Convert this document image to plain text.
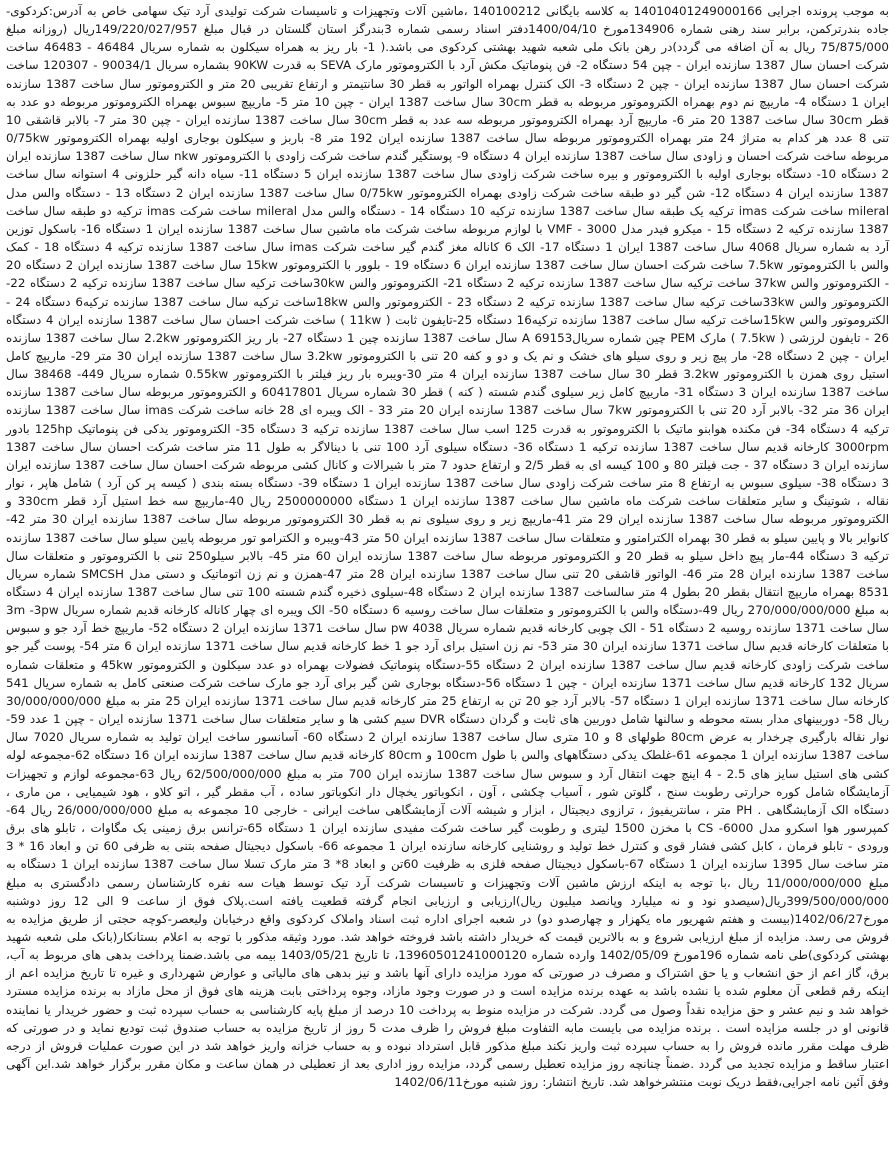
به موجب پرونده اجرایی 14010401249000166 به کلاسه بایگانی 140100212 ،ماشین آلات وتجهیزات و تاسیسات شرکت تولیدی آرد تیک سهامی خاص به آدرس:کردکوی-جاده بندرترکمن، برابر سند رهنی شماره 134906مورخ 1400/04/10دفتر اسناد رسمی شماره 3بندرگز استان گلستان در قبال مبلغ 149/220/027/957ریال (روزانه مبلغ 75/875/000 ریال به آن اضافه می گردد)در رهن بانک ملی شعبه شهید بهشتی کردکوی می باشد.( 1- بار ریز به همراه سیکلون به شماره سریال 46484 - 46483 ساخت شرکت احسان سال 1387 سازنده ایران - چپن 54 دستگاه 2- فن پنوماتیک مکش آرد با الکتروموتور مارک SEVA به قدرت 90KW بشماره سریال 90034/1 - 120307 ساخت شرکت احسان سال 1387 سازنده ایران - چپن 2 دستگاه 3- الک کنترل بهمراه الواتور به قطر 30 سانتیمتر و ارتفاع تقریبی 20 متر و الکتروموتور سال ساخت 1387 سازنده ایران 1 دستگاه 4- ماریپچ نم دوم بهمراه الکتروموتور مربوطه به قطر 30cm سال ساخت 1387 ایران - چپن 10 متر 5- ماریپچ سبوس بهمراه الکتروموتور مربوطه دو عدد به قطر 30cm سال ساخت 1387 20 متر 6- ماریپچ آرد بهمراه الکتروموتور مربوطه سه عدد به قطر 30cm سال ساخت 1387 سازنده ایران - چپن 30 متر 7- بالابر قاشقی 10 تنی 8 عدد هر کدام به متراژ 24 متر بهمراه الکتروموتور مربوطه سال ساخت 1387 سازنده ایران 192 متر 8- باربز و سیکلون بوجاری اولیه بهمراه الکتروموتور 0/75kw مربوطه ساخت شرکت احسان و زاودی سال ساخت 1387 سازنده ایران 4 دستگاه 9- پوستگیر گندم ساخت شرکت زاودی با الکتروموتور nkw سال ساخت 1387 سازنده ایران 2 دستگاه 10- دستگاه بوجاری اولیه با الکتروموتور و بیره ساخت شرکت زاودی سال ساخت 1387 سازنده ایران 5 دستگاه 11- سیاه دانه گیر حلزونی 4 استوانه سال ساخت 1387 سازنده ایران 4 دستگاه 12- شن گیر دو طبقه ساخت شرکت زاودی بهمراه الکتروموتور 0/75kw سال ساخت 1387 سازنده ایران 2 دستگاه 13 - دستگاه والس مدل mileral ساخت شرکت imas ترکیه یک طبقه سال ساخت 1387 سازنده ترکیه 10 دستگاه 14 - دستگاه والس مدل mileral ساخت شرکت imas ترکیه دو طبقه سال ساخت 1387 سازنده ترکیه 2 دستگاه 15 - میکرو فیدر مدل 3000 - VMF با لوازم مربوطه ساخت شرکت ماه ماشین سال ساخت 1387 سازنده ایران 1 دستگاه 16- باسکول توزین آرد به شماره سریال 4068 سال ساخت 1387 ایران 1 دستگاه 17- الک 6 کاناله مغز گندم گیر ساخت شرکت imas سال ساخت 1387 سازنده ترکیه 4 دستگاه 18 - کمک والس با الکتروموتور 7.5kw ساخت شرکت احسان سال ساخت 1387 سازنده ایران 6 دستگاه 19 - بلوور با الکتروموتور 15kw سال ساخت 1387 سازنده ایران 2 دستگاه 20 - الکتروموتور والس 37kw ساخت ترکیه سال ساخت 1387 سازنده ترکیه 2 دستگاه 21- الکتروموتور والس 30kwساخت ترکیه سال ساخت 1387 سازنده ترکیه 2 دستگاه 22- الکتروموتور والس 33kwساخت ترکیه سال ساخت 1387 سازنده ترکیه 2 دستگاه 23 - الکتروموتور والس 18kwساخت ترکیه سال ساخت 1387 سازنده ترکیه6 دستگاه 24 - الکتروموتور والس 15kwساخت ترکیه سال ساخت 1387 سازنده ترکیه16 دستگاه 25-تایفون ثابت ( 11kw ) ساخت شرکت احسان سال ساخت 1387 سازنده ایران 4 دستگاه 26 - تایفون لرزشی ( 7.5kw ) مارک PEM چین شماره سریال69153 A سال ساخت 1387 سازنده چین 1 دستگاه 27- بار ریز الکتروموتور 2.2kw سال ساخت 1387 سازنده ایران - چپن 2 دستگاه 28- مار پیچ زیر و روی سیلو های خشک و نم یک و دو و کفه 20 تنی با الکتروموتور 3.2kw سال ساخت 1387 سازنده ایران 30 متر 29- ماریپچ کامل استیل روی همزن با الکتروموتور 3.2kw قطر 30 سال ساخت 1387 سازنده ایران 4 متر 30-ویبره بار ریز فیلتر با الکتروموتور 0.55kw شماره سریال 449- 38468 سال ساخت 1387 سازنده ایران 3 دستگاه 31- ماریپچ کامل زیر سیلوی گندم شسته ( کنه ) قطر 30 شماره سریال 60417801 و الکتروموتور مربوطه سال ساخت 1387 سازنده ایران 36 متر 32- بالابر آرد 20 تنی با الکتروموتور 7kw سال ساخت 1387 سازنده ایران 20 متر 33 - الک ویبره ای 28 خانه ساخت شرکت imas سال ساخت 1387 سازنده ترکیه 4 دستگاه 34- فن مکنده هوابنو ماتیک با الکتروموتور به قدرت 125 اسب سال ساخت 1387 سازنده ترکیه 3 دستگاه 35- الکتروموتور یدکی فن پنوماتیک 125hp بادور 3000rpm کارخانه قدیم سال ساخت 1387 سازنده ترکیه 1 دستگاه 36- دستگاه سیلوی آرد 100 تنی با دینالاگر به طول 11 متر ساخت شرکت احسان سال ساخت 1387 سازنده ایران 3 دستگاه 37 - جت فیلتر 80 و 100 کیسه ای به قطر 2/5 و ارتفاع حدود 7 متر با شیرالات و کانال کشی مربوطه شرکت احسان سال ساخت 1387 سازنده ایران 3 دستگاه 38- سیلوی سبوس به ارتفاع 8 متر ساخت شرکت زاودی سال ساخت 1387 سازنده ایران 1 دستگاه 39- دستگاه بسته بندی ( کیسه پر کن آرد ) شامل هاپر ، نوار نقاله ، شوتینگ و سایر متعلقات ساخت شرکت ماه ماشین سال ساخت 1387 سازنده ایران 1 دستگاه 2500000000 ریال 40-ماریپچ سه خط استیل آرد قطر 330cm و الکتروموتور مربوطه سال ساخت 1387 سازنده ایران 29 متر 41-ماریپچ زیر و روی سیلوی نم به قطر 30 الکتروموتور مربوطه سال ساخت 1387 سازنده ایران 30 متر 42-کانوایر بالا و پایین سیلو به قطر 30 بهمراه الکترامتور و متعلقات سال ساخت 1387 سازنده ایران 50 متر 43-ویبره و الکترامو تور مربوطه پایین سیلو سال ساخت 1387 سازنده ترکیه 3 دستگاه 44-مار پیچ داخل سیلو به قطر 20 و الکتروموتور مربوطه سال ساخت 1387 سازنده ایران 60 متر 45- بالابر سیلو250 تنی با الکتروموتور و متعلقات سال ساخت 1387 سازنده ایران 28 متر 46- الواتور قاشقی 20 تنی سال ساخت 1387 سازنده ایران 28 متر 47-همزن و نم زن اتوماتیک و دستی مدل SMCSH شماره سریال 8531 بهمراه ماریپچ انتقال بقطر 20 بطول 4 متر سالساخت 1387 سازنده ایران 2 دستگاه 48-سیلوی ذخیره گندم شسته 100 تنی سال ساخت 1387 سازنده ایران 4 دستگاه به مبلغ 270/000/000/000 ریال 49-دستگاه والس با الکتروموتور و متعلقات سال ساخت روسیه 6 دستگاه 50- الک ویبره ای چهار کاناله کارخانه قدیم شماره سریال 3m -3pw سال ساخت 1371 سازنده روسیه 2 دستگاه 51 - الک چوبی کارخانه قدیم شماره سریال 4038 pw سال ساخت 1371 سازنده ایران 2 دستگاه 52- ماریپچ خط آرد جو و سبوس با متعلقات کارخانه قدیم سال ساخت 1371 سازنده ایران 30 متر 53- نم زن استیل برای آرد جو 1 خط کارخانه قدیم سال ساخت 1371 سازنده ایران 6 متر 54- پوست گیر جو ساخت شرکت زاودی کارخانه قدیم سال ساخت 1387 سازنده ایران 2 دستگاه 55-دستگاه پنوماتیک فضولات بهمراه دو عدد سیکلون و الکتروموتور 45kw و متعلقات شماره سریال 132 کارخانه قدیم سال ساخت 1371 سازنده ایران - چپن 1 دستگاه 56-دستگاه بوجاری شن گیر برای آرد جو مارک ساخت شرکت صنعتی کامل به شماره سریال 541 کارخانه سال ساخت 1371 سازنده ایران 1 دستگاه 57- بالابر آرد جو 20 تن به ارتفاع 25 متر کارخانه قدیم سال ساخت 1371 سازنده ایران 25 متر به مبلغ 30/000/000/000 ریال 58- دوربینهای مدار بسته محوطه و سالنها شامل دوربین های ثابت و گردان دستگاه DVR سیم کشی ها و سایر متعلقات سال ساخت 1371 سازنده ایران - چپن 1 عدد 59-نوار نقاله بارگیری چرخدار به عرض 80cm طولهای 8 و 10 متری سال ساخت 1387 سازنده ایران 2 دستگاه 60- آسانسور ساخت ایران تولید به شماره سریال 7020 سال ساخت 1387 سازنده ایران 1 مجموعه 61-غلطک یدکی دستگاههای والس با طول 100cm و 80cm کارخانه قدیم سال ساخت 1387 سازنده ایران 16 دستگاه 62-مجموعه لوله کشی های استیل سایز های 2.5 - 4 اینچ جهت انتقال آرد و سبوس سال ساخت 1387 سازنده ایران 700 متر به مبلغ 62/500/000/000 ریال 63-مجموعه لوازم و تجهیزات آزمایشگاه شامل کوره حرارتی رطوبت سنج ، گلوتن شور ، آسیاب چکشی ، آون ، انکوباتور یخچال دار انکوباتور ساده ، آب مقطر گیر ، اتو کلاو ، هود شیمیایی ، من ماری ، دستگاه الک آزمایشگاهی . PH متر ، سانتریفیوژ ، ترازوی دیجیتال ، ابزار و شیشه آلات آزمایشگاهی ساخت ایرانی - خارجی 10 مجموعه به مبلغ 26/000/000/000 ریال 64-کمپرسور هوا اسکرو مدل CS -6000 با مخزن 1500 لیتری و رطوبت گیر ساخت شرکت مفیدی سازنده ایران 1 دستگاه 65-ترانس برق زمینی یک مگاوات ، تابلو های برق ورودی - تابلو فرمان ، کابل کشی فشار قوی و کنترل خط تولید و روشنایی کارخانه سازنده ایران 1 مجموعه 66- باسکول دیجیتال صفحه بتنی به ظرفی 60 تن و ابعاد 16 * 3 متر ساخت سال 1395 سازنده ایران 1 دستگاه 67-باسکول دیجیتال صفحه فلزی به ظرفیت 60تن و ابعاد 8* 3 متر مارک تسلا سال ساخت 1387 سازنده ایران 1 دستگاه به مبلغ 11/000/000/000 ریال ،با توجه به اینکه ارزش ماشین آلات وتجهیزات و تاسیسات شرکت آرد تیک توسط هیات سه نفره کارشناسان رسمی دادگستری به مبلغ 399/500/000/000ریال(سیصدو نود و نه میلیارد وپانصد میلیون ریال)ارزیابی و ارزیابی انجام گرفته قطعیت یافته است.پلاک فوق از ساعت 9 الی 12 روز دوشنبه مورخ1402/06/27(بیست و هفتم شهریور ماه یکهزار و چهارصدو دو) در شعبه اجرای اداره ثبت اسناد واملاک کردکوی واقع درخیابان ولیعصر-کوچه حجتی از طریق مزایده به فروش می رسد. مزایده از مبلغ ارزیابی شروع و به بالاترین قیمت که خریدار داشته باشد فروخته خواهد شد. مورد وثیقه مذکور با توجه به اعلام بستانکار(بانک ملی شعبه شهید بهشتی کردکوی)طی نامه شماره 196مورخ 1402/05/09 وارده شماره 13960501241000120، تا تاریخ 1403/05/21 بیمه می باشد.ضمنا پرداخت بدهی های مربوط به آب، برق، گاز اعم از حق انشعاب و یا حق اشتراک و مصرف در صورتی که مورد مزایده دارای آنها باشد و نیز بدهی های مالیاتی و عوارض شهرداری و غیره تا تاریخ مزایده اعم از اینکه رقم قطعی آن معلوم شده یا نشده باشد به عهده برنده مزایده است و در صورت وجود مازاد، وجوه پرداختی بابت هزینه های فوق از محل مازاد به برنده مزایده مسترد خواهد شد و نیم عشر و حق مزایده نقداً وصول می گردد. شرکت در مزایده منوط به پرداخت 10 درصد از مبلغ پایه کارشناسی به حساب سپرده ثبت و حضور خریدار یا نماینده قانونی او در جلسه مزایده است . برنده مزایده می بایست مابه التفاوت مبلغ فروش را ظرف مدت 5 روز از تاریخ مزایده به حساب صندوق ثبت تودیع نماید و در صورتی که ظرف مهلت مقرر مانده فروش را به حساب سپرده ثبت واریز نکند مبلغ مذکور قابل استرداد نبوده و به حساب خزانه واریز خواهد شد در این صورت عملیات فروش از درجه اعتبار ساقط و مزایده تجدید می گردد .ضمناً چنانچه روز مزایده تعطیل رسمی گردد، مزایده روز اداری بعد از تعطیلی در همان ساعت و مکان مقرر برگزار خواهد شد.این آگهی وفق آئین نامه اجرایی،فقط دریک نوبت منتشرخواهد شد. تاریخ انتشار: روز شنبه مورخ1402/06/11
